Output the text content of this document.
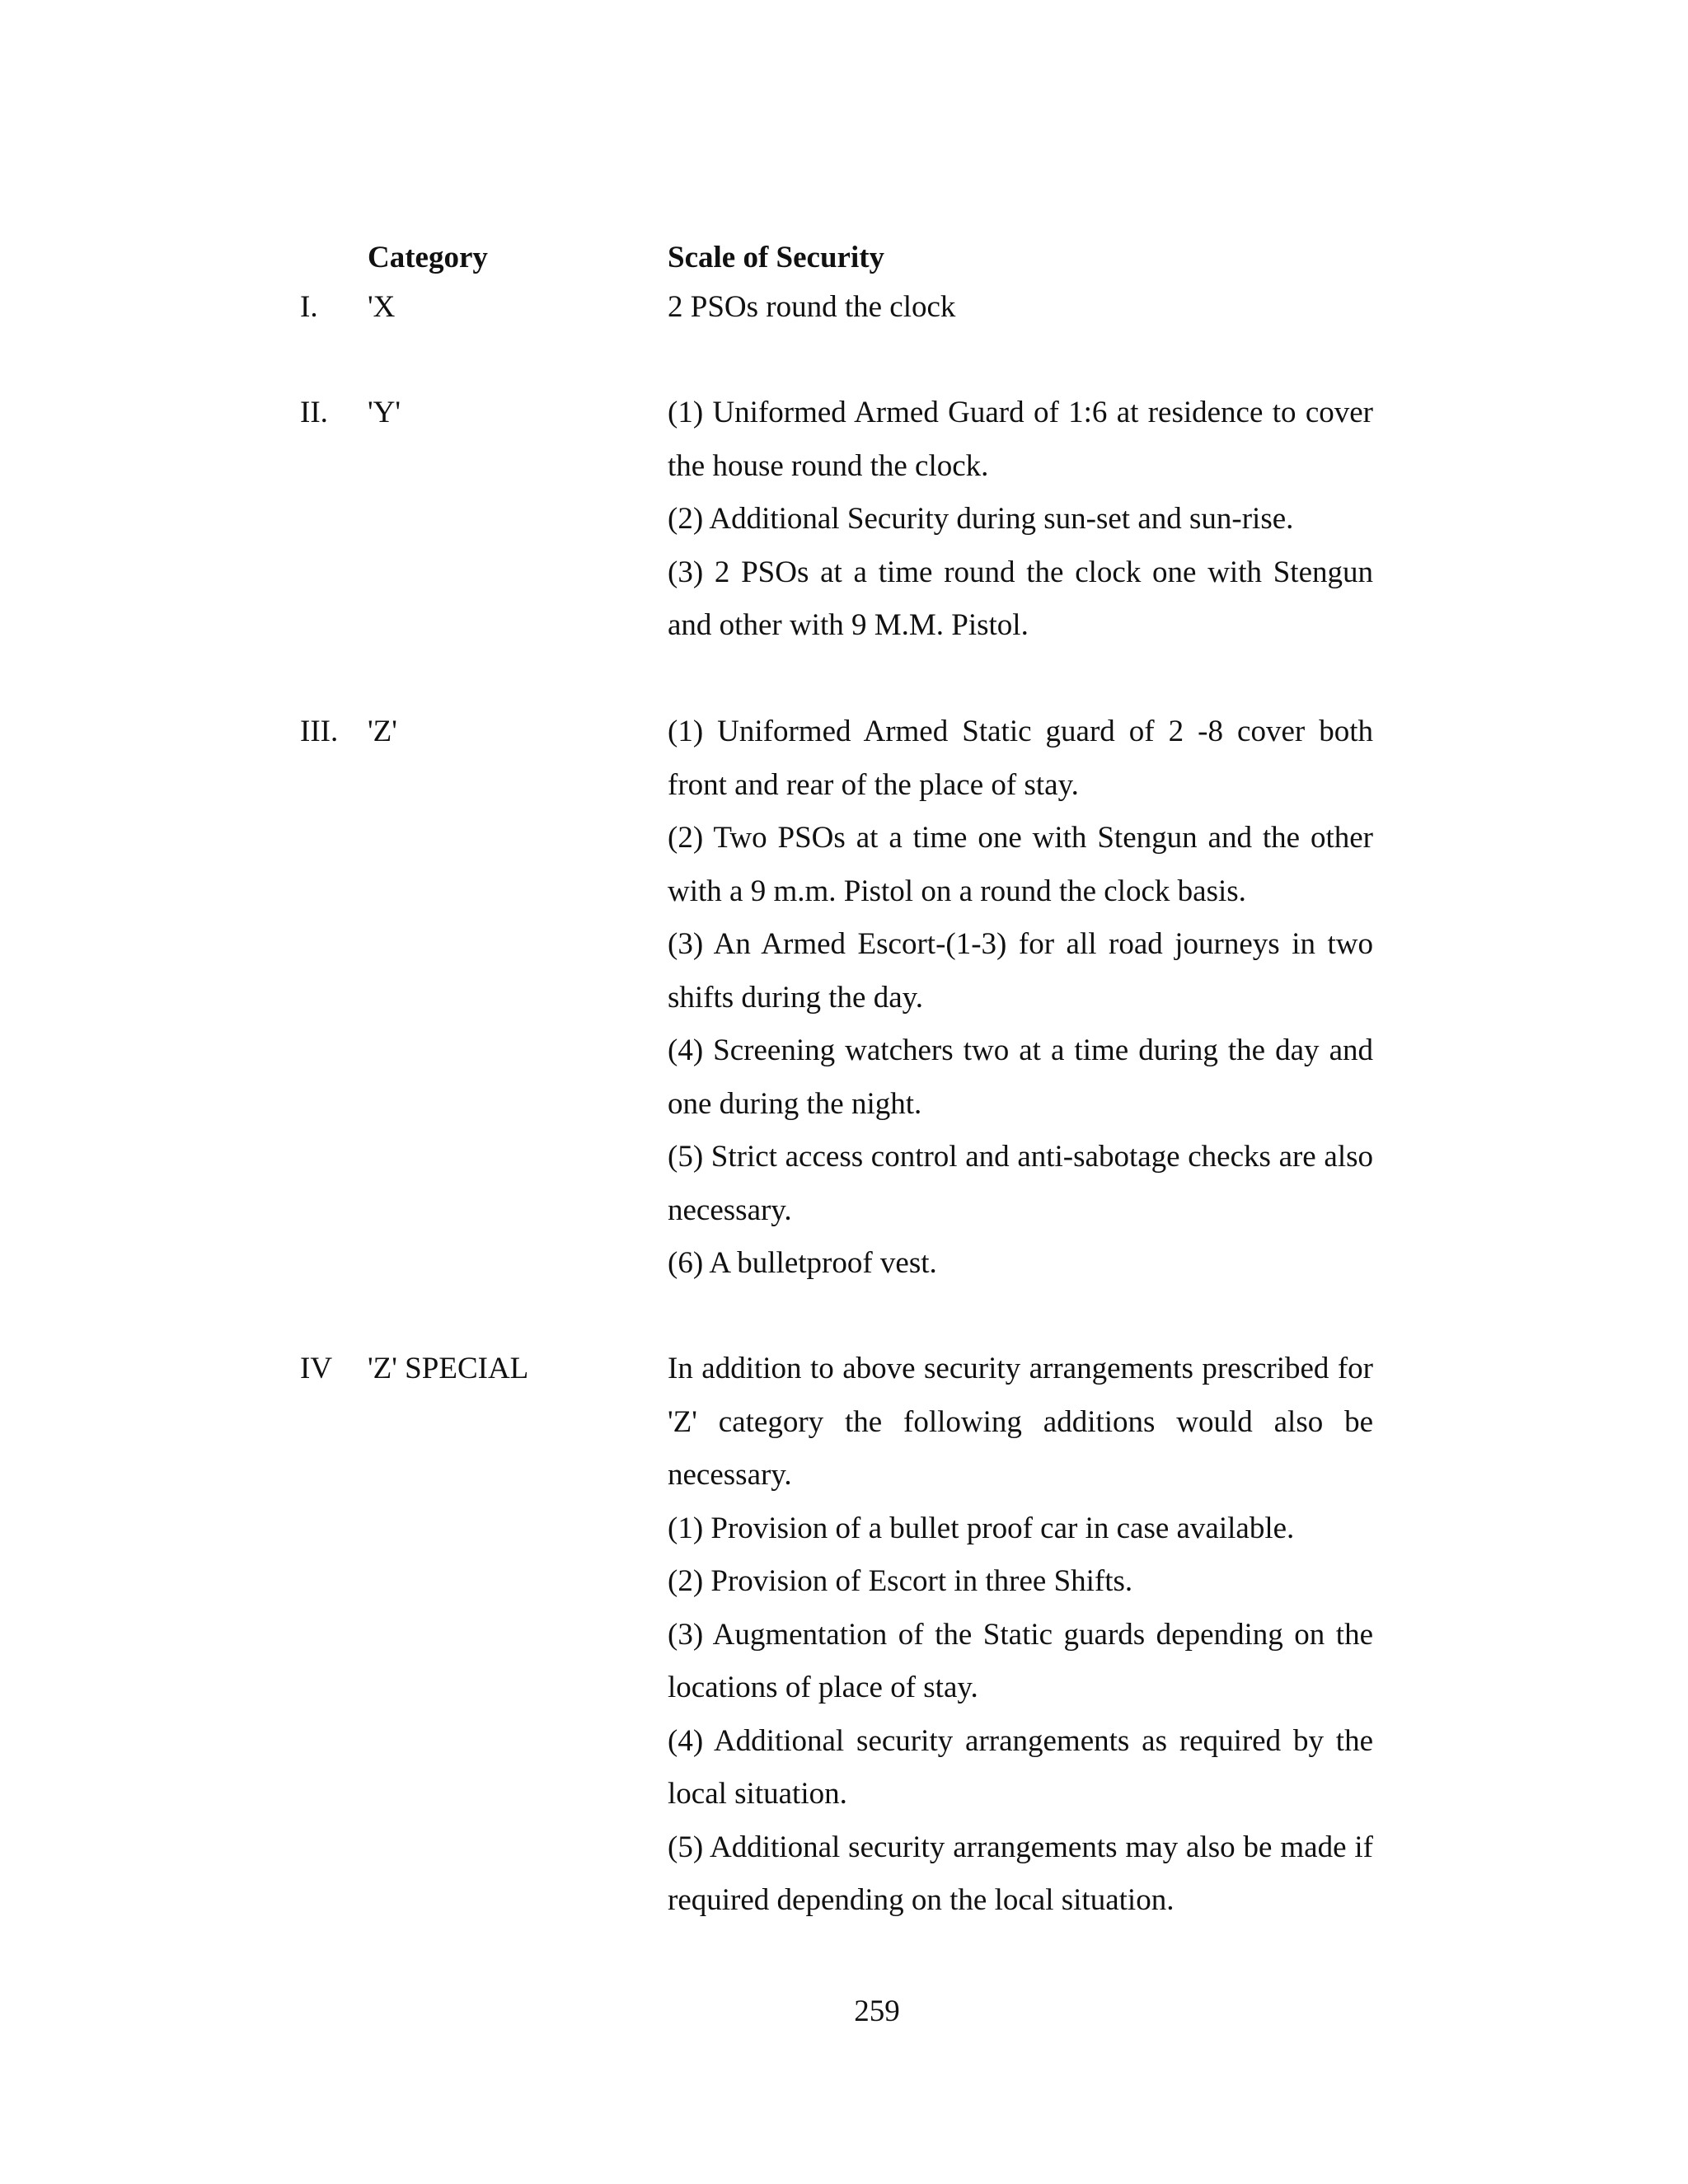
Category	Scale of Security
I. 'X	2 PSOs round the clock

II. 'Y'	(1) Uniformed Armed Guard of 1:6 at residence to cover the house round the clock.

(2) Additional Security during sun-set and sun-rise.

(3) 2 PSOs at a time round the clock one with Stengun and other with 9 M.M. Pistol.

III. 'Z'	(1) Uniformed Armed Static guard of 2 -8 cover both front and rear of the place of stay.

(2) Two PSOs at a time one with Stengun and the other with a 9 m.m. Pistol on a round the clock basis.

(3) An Armed Escort-(1-3) for all road journeys in two shifts during the day.

(4) Screening watchers two at a time during the day and one during the night.

(5) Strict access control and anti-sabotage checks are also necessary.

(6) A bulletproof vest.

IV 'Z' SPECIAL	In addition to above security arrangements prescribed for 'Z' category the following additions would also be necessary.

(1) Provision of a bullet proof car in case available.

(2) Provision of Escort in three Shifts.

(3) Augmentation of the Static guards depending on the locations of place of stay.

(4) Additional security arrangements as required by the local situation.

(5) Additional security arrangements may also be made if required depending on the local situation.

259
